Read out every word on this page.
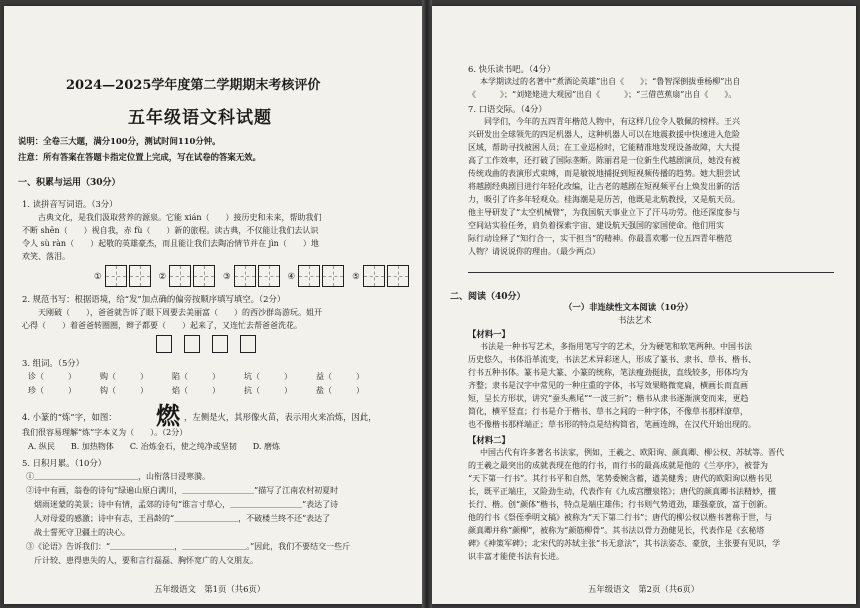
2024—2025学年度第二学期期末考核评价
五年级语文科试题
说明：全卷三大题，满分100分，测试时间110分钟。
注意：所有答案在答题卡指定位置上完成，写在试卷的答案无效。
一、积累与运用（30分）
1. 读拼音写词语。（3分）
古典文化，是我们汲取营养的源泉。它能 xián（　　）接历史和未来，帮助我们
不断 shēn（　　）视自我，赤 fù（　　）新的旅程。读古典，不仅能让我们去认识
令人 sù ràn（　　）起敬的英雄豪杰，而且能让我们去陶冶情节并在 jìn（　　）地
欢笑、落泪。
①	②	③	④	⑤
2. 规范书写：根据语境，给“发”加点确的偏旁按顺序填写填空。（2分）
天刚破（　　），爸爸就告诉了眼下周要去美丽富（　　）的西沙群岛游玩。姐开
心得（　　）着爸爸转圈圈，辫子都要（　　）起来了，又连忙去帮爸爸洗花。
3. 组词。（5分）
诊（　　　）	购（　　　）	陷（　　　）	坑（　　　）	益（　　　）
珍（　　　）	钩（　　　）	焰（　　　）	抗（　　　）	盐（　　　）
4. 小篆的“炼”字，如图： 燃 ，左侧是火，其形像火苗，表示用火来冶炼，因此，
我们很容易理解“炼”字本义为（　　）。（2分）
A. 纵民　　B. 加热物体　　C. 冶炼金石，使之纯净或坚韧　　D. 磨炼
5. 日积月累。（10分）
①＿＿＿＿＿＿＿＿＿＿＿＿＿，山衔落日浸寒漪。
②诗中有画，翁卷的诗句“绿遍山原白满川，＿＿＿＿＿＿＿＿＿”描写了江南农村初夏时
烟雨迷蒙的美景；诗中有情，孟郊的诗句“谁言寸草心，＿＿＿＿＿＿＿＿＿”表达了诗
人对母爱的感激；诗中有志，王昌龄的“＿＿＿＿＿＿＿＿，不破楼兰终不还”表达了
战士誓死守卫疆土的决心。
③《论语》告诉我们：“＿＿＿＿＿＿＿＿，＿＿＿＿＿＿＿＿。”因此，我们不要结交一些斤
斤计较、患得患失的人，要和言行磊磊、胸怀宽广的人交朋友。
五年级语文　第1页（共6页）
6. 快乐读书吧。（4分）
本学期读过的名著中“煮酒论英雄”出自《　　》；“鲁智深倒拔垂杨柳”出自
《　　　》；“刘姥姥进大观园”出自《　　　》；“三借芭蕉扇”出自《　　》。
7. 口语交际。（4分）
同学们，今年的五四青年楷范人物中，有这样几位令人敬佩的榜样。王兴
兴研发出全球领先的四足机器人，这种机器人可以在地震救援中快速进入危险
区域，帮助寻找被困人员；在工业巡检时，它能精准地发现设备故障，大大提
高了工作效率，还打破了国际垄断。陈丽君是一位新生代越剧演员，她没有被
传统戏曲的表演形式束缚，而是敏锐地捕捉到短视频传播的趋势。她大胆尝试
将越剧经典剧目进行年轻化改编，让古老的越剧在短视频平台上焕发出新的活
力，吸引了许多年轻观众。桂海潮是是历苦，他既是北航教授，又是航天员。
他主导研发了“太空机械臂”，为我国航天事业立下了汗马功劳。他还深度参与
空间站实验任务，肩负着探索宇宙、建设航天强国的家国使命。他们用实
际行动诠释了“知行合一，实干担当”的精神。你最喜欢哪一位五四青年楷范
人物？请说说你的理由。（最少两点）
二、阅读（40分）
（一）非连续性文本阅读（10分）
书法艺术
【材料一】
书法是一种书写艺术，多指用笔写字的艺术，分为硬笔和软笔两种。中国书法
历史悠久，书体沿革流变，书法艺术异彩迷人，形成了篆书、隶书、草书、楷书、
行书五种书体。篆书是大篆、小篆的统称，笔法瘦劲挺拔，直线较多，形体均为
齐整；隶书是汉字中常见的一种庄重的字体，书写效果略微宽扁，横画长而直画
短，呈长方形状，讲究“蚕头燕尾”“一波三折”；楷书从隶书逐渐演变而来，更趋
简化，横平竖直；行书是介于楷书、草书之间的一种字体，不像草书那样潦草，
也不像楷书那样端正；草书形的特点是结构简省，笔画连绵，在汉代开始出现的。
【材料二】
中国古代有许多著名书法家，例如，王羲之、欧阳询、颜真卿、柳公权、苏轼等。晋代
的王羲之最突出的成就表现在他的行书，而行书的最高成就是他的《兰亭序》，被誉为
“天下第一行书”。其行书平和自然，笔势委婉含蓄，遒美健秀；唐代的欧阳询以楷书见
长，既平正端庄，又险劲生动，代表作有《九成宫醴泉铭》；唐代的颜真卿书法精妙，擅
长行、楷。创“颜体”楷书，特点是端庄雄伟；行书则气势道劲，雄强豪放，富于创新。
他的行书《祭侄季明文稿》被称为“天下第二行书”；唐代的柳公权以楷书著称于世，与
颜真卿并称“颜柳”，被称为“颜筋柳骨”。其书法以骨力劲健见长，代表作是《玄秘塔
碑》《神策军碑》；北宋代的苏轼主张“书无意法”，其书法姿态、豪放，主张要有见识，学
识丰富才能使书法有长进。
五年级语文　第2页（共6页）
